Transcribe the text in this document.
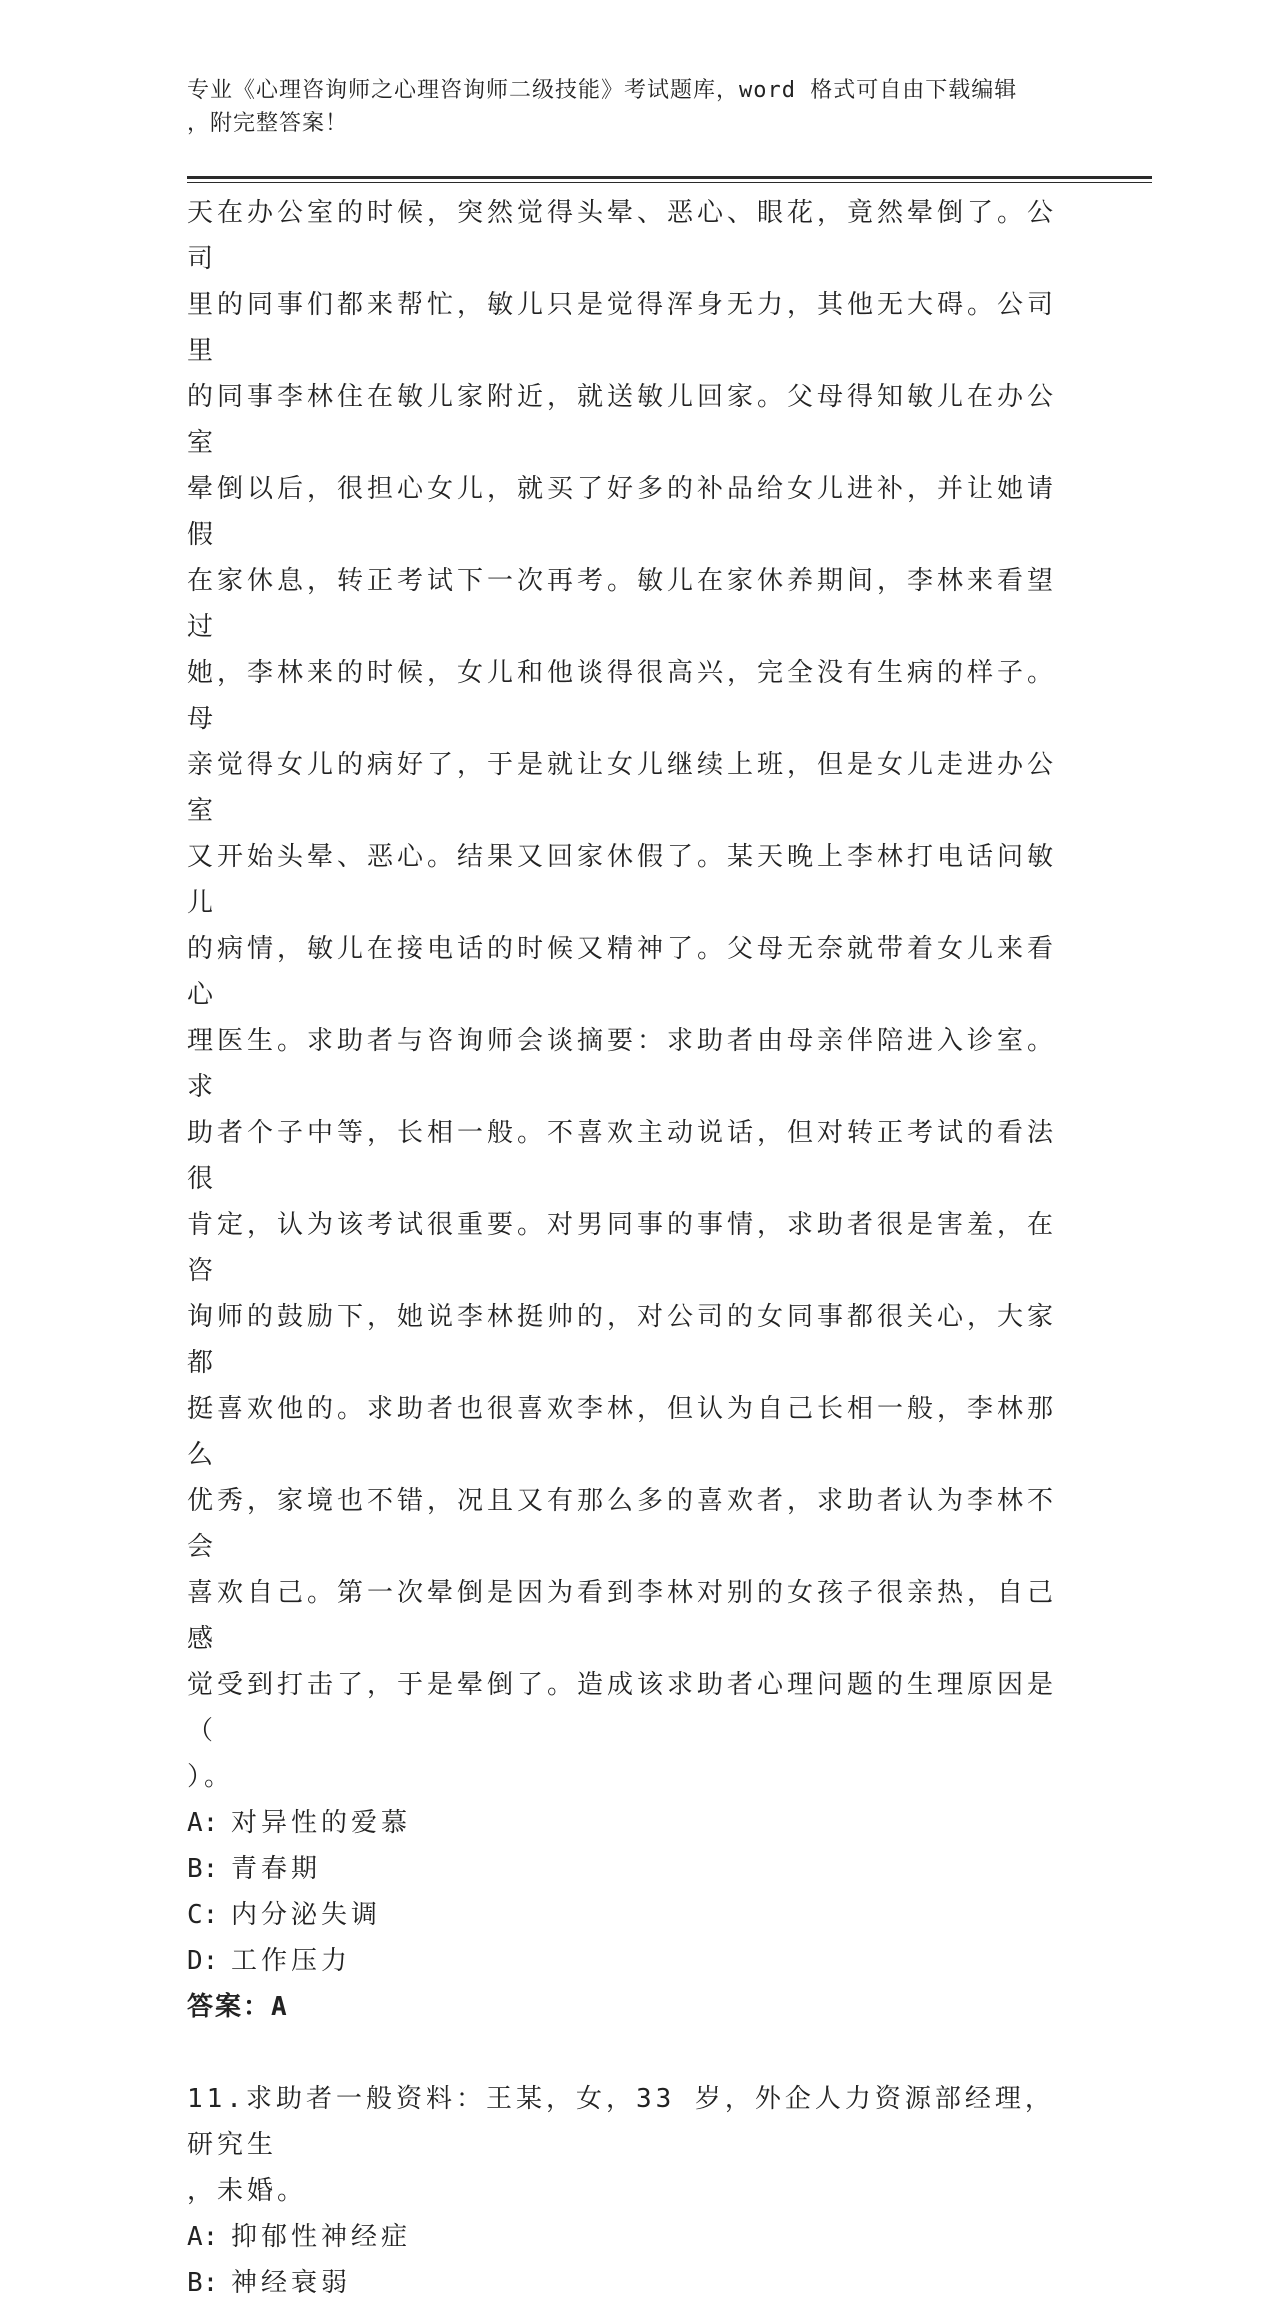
专业《心理咨询师之心理咨询师二级技能》考试题库，word 格式可自由下载编辑
，附完整答案！

天在办公室的时候，突然觉得头晕、恶心、眼花，竟然晕倒了。公司
里的同事们都来帮忙，敏儿只是觉得浑身无力，其他无大碍。公司里
的同事李林住在敏儿家附近，就送敏儿回家。父母得知敏儿在办公室
晕倒以后，很担心女儿，就买了好多的补品给女儿进补，并让她请假
在家休息，转正考试下一次再考。敏儿在家休养期间，李林来看望过
她，李林来的时候，女儿和他谈得很高兴，完全没有生病的样子。母
亲觉得女儿的病好了，于是就让女儿继续上班，但是女儿走进办公室
又开始头晕、恶心。结果又回家休假了。某天晚上李林打电话问敏儿
的病情，敏儿在接电话的时候又精神了。父母无奈就带着女儿来看心
理医生。求助者与咨询师会谈摘要：求助者由母亲伴陪进入诊室。求
助者个子中等，长相一般。不喜欢主动说话，但对转正考试的看法很
肯定，认为该考试很重要。对男同事的事情，求助者很是害羞，在咨
询师的鼓励下，她说李林挺帅的，对公司的女同事都很关心，大家都
挺喜欢他的。求助者也很喜欢李林，但认为自己长相一般，李林那么
优秀，家境也不错，况且又有那么多的喜欢者，求助者认为李林不会
喜欢自己。第一次晕倒是因为看到李林对别的女孩子很亲热，自己感
觉受到打击了，于是晕倒了。造成该求助者心理问题的生理原因是（
）。

A: 对异性的爱慕

B: 青春期

C: 内分泌失调

D: 工作压力

答案：A

11.求助者一般资料：王某，女，33 岁，外企人力资源部经理，研究生
，未婚。

A: 抑郁性神经症

B: 神经衰弱
